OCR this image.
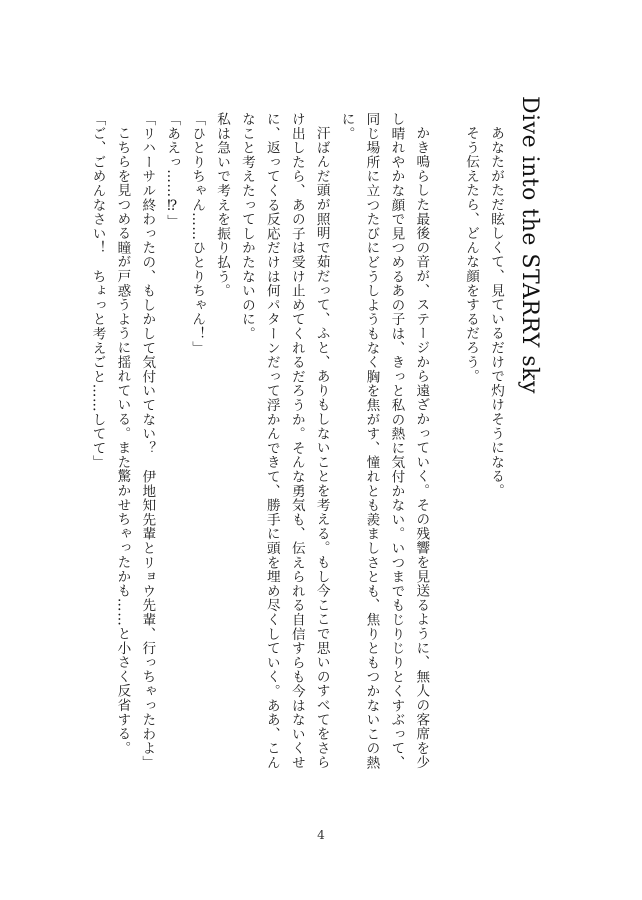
Dive into the STARRY sky

あなたがただ眩しくて、見ているだけで灼けそうになる。

そう伝えたら、どんな顔をするだろう。

かき鳴らした最後の音が、ステージから遠ざかっていく。その残響を見送るように、無人の客席を少し晴れやかな顔で見つめるあの子は、きっと私の熱に気付かない。いつまでもじりじりとくすぶって、同じ場所に立つたびにどうしようもなく胸を焦がす、憧れとも羨ましさとも、焦りともつかないこの熱に。

汗ばんだ頭が照明で茹だって、ふと、ありもしないことを考える。もし今ここで思いのすべてをさらけ出したら、あの子は受け止めてくれるだろうか。そんな勇気も、伝えられる自信すらも今はないくせに、返ってくる反応だけは何パターンだって浮かんできて、勝手に頭を埋め尽くしていく。ああ、こんなこと考えたってしかたないのに。

私は急いで考えを振り払う。

「ひとりちゃん……ひとりちゃん！」

「あえっ……⁉」

「リハーサル終わったの、もしかして気付いてない？　伊地知先輩とリョウ先輩、行っちゃったわよ」

こちらを見つめる瞳が戸惑うように揺れている。また驚かせちゃったかも……と小さく反省する。

「ご、ごめんなさい！　ちょっと考えごと……してて」

4
